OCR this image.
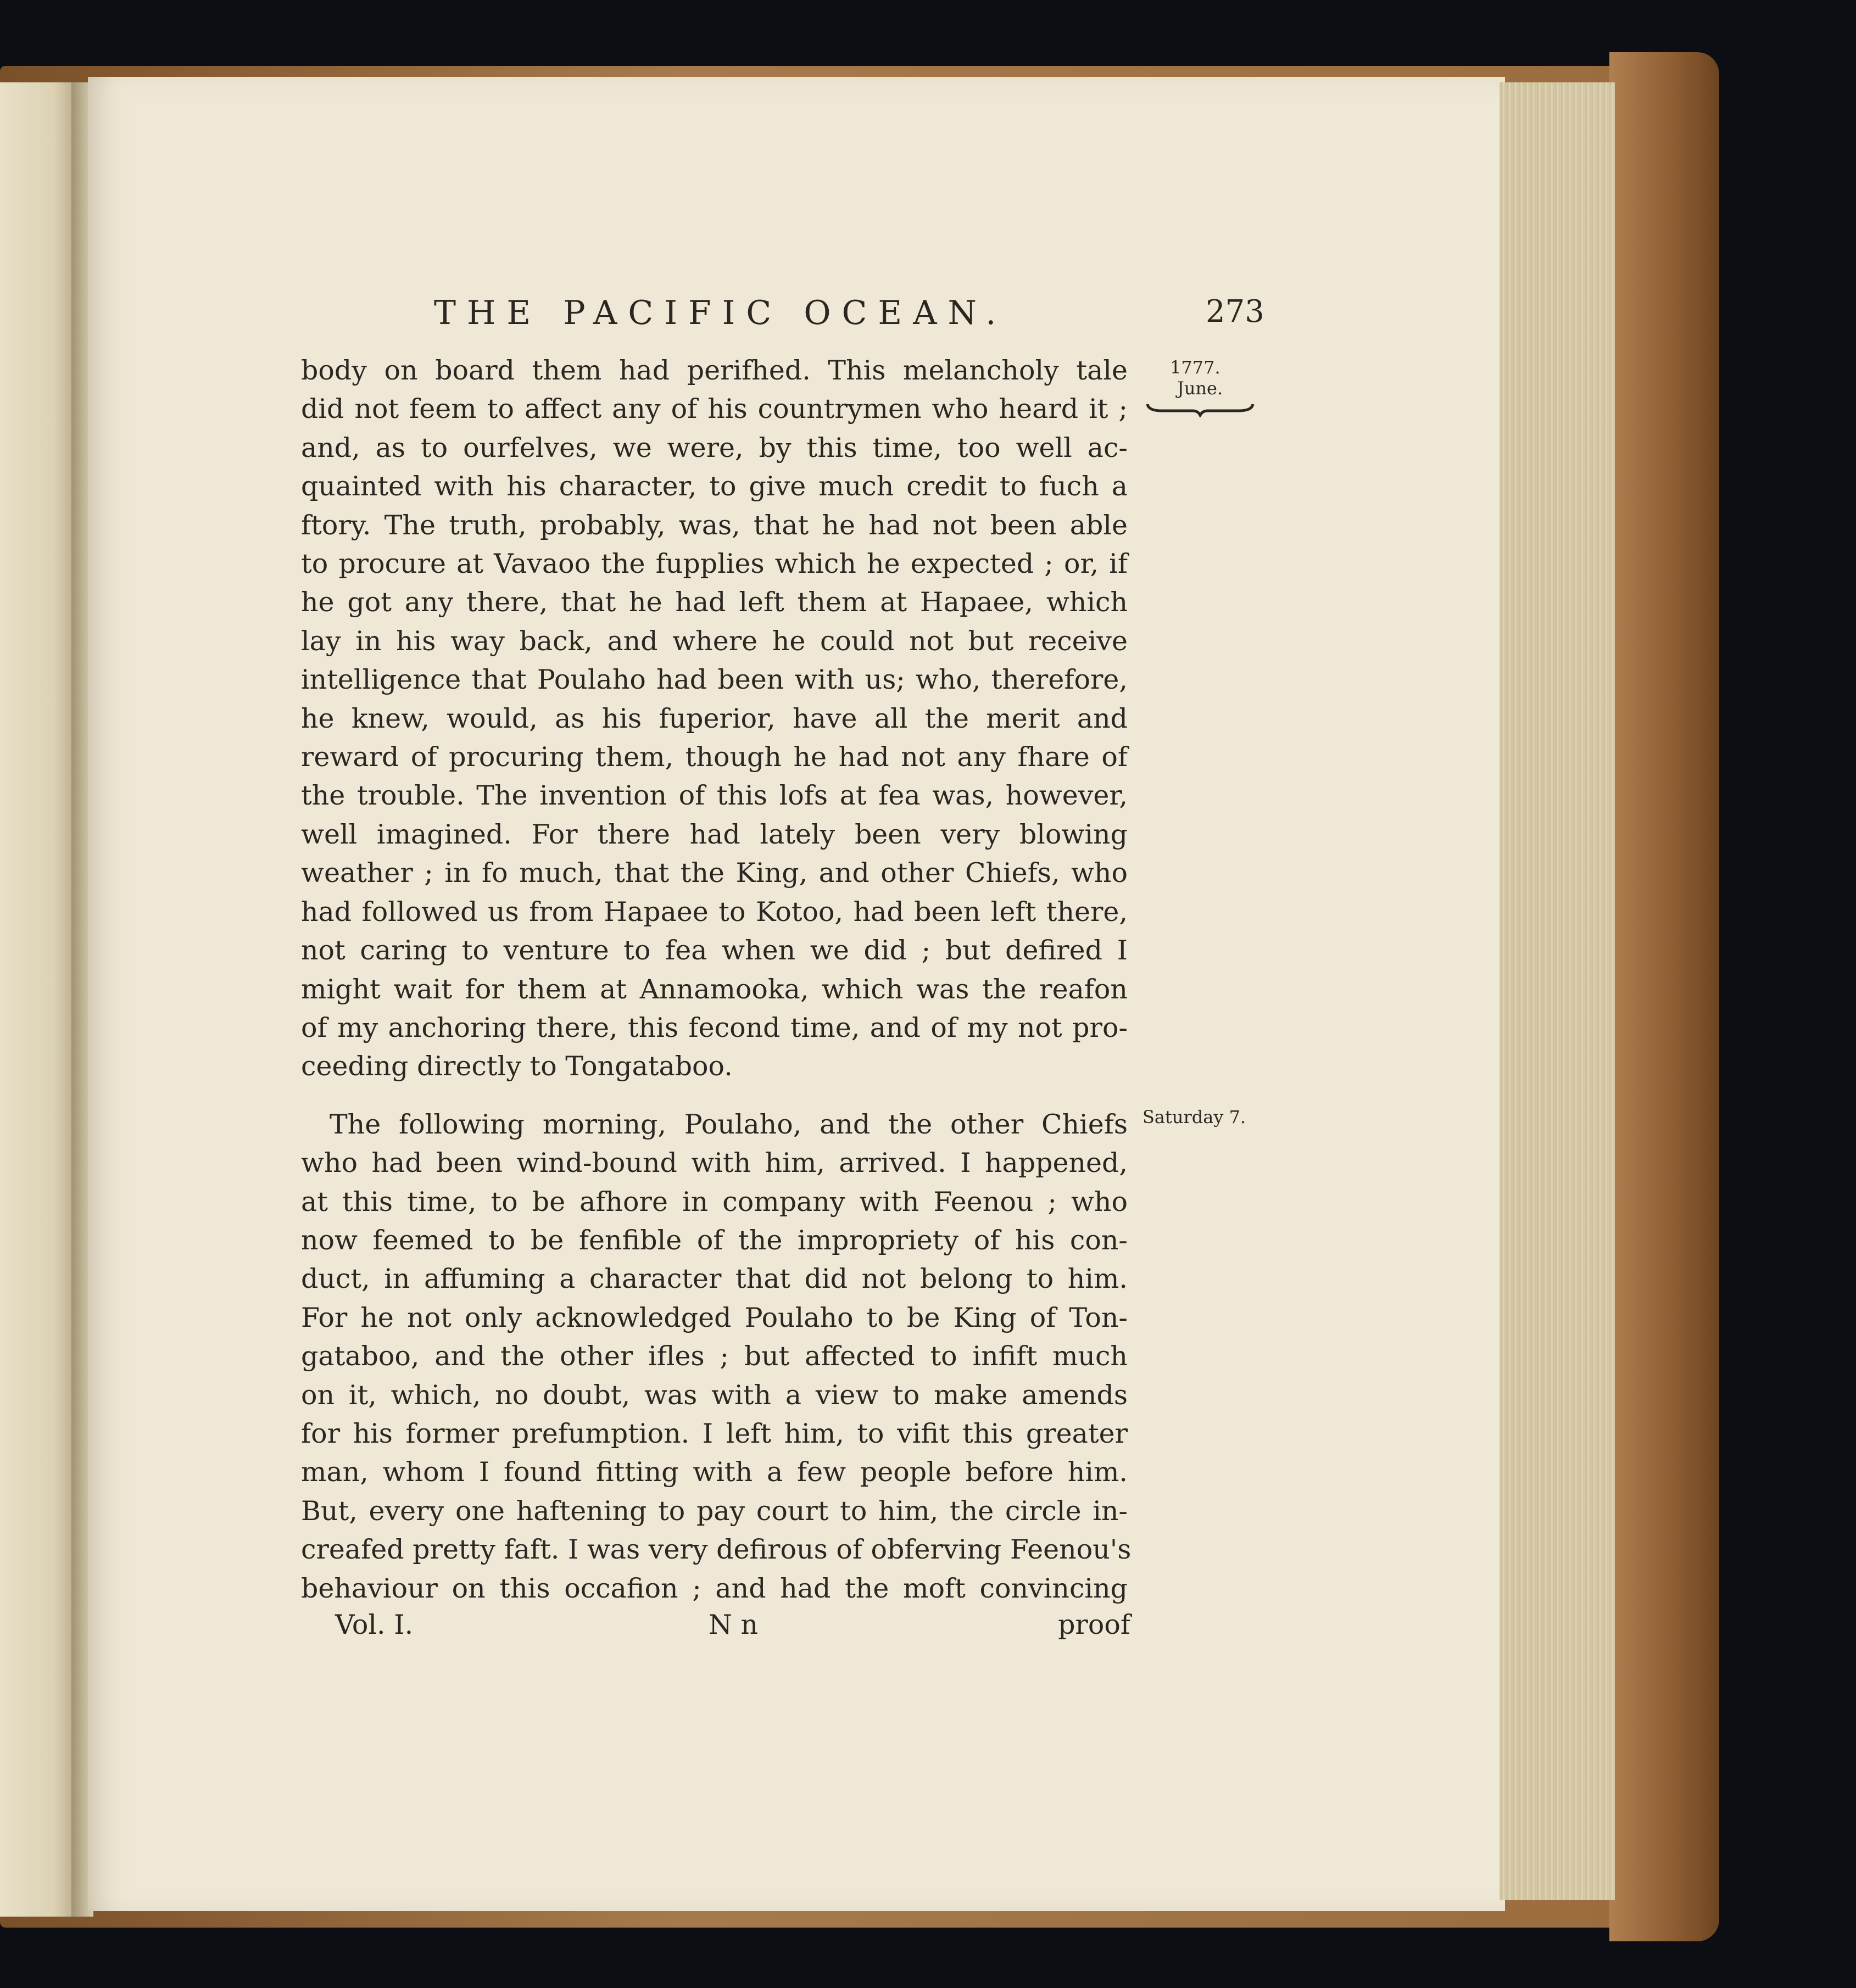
THE PACIFIC OCEAN.	273
1777.
June.
Saturday 7.

body on board them had perifhed. This melancholy tale

did not feem to affect any of his countrymen who heard it ;

and, as to ourfelves, we were, by this time, too well ac-

quainted with his character, to give much credit to fuch a

ftory. The truth, probably, was, that he had not been able

to procure at Vavaoo the fupplies which he expected ; or, if

he got any there, that he had left them at Hapaee, which

lay in his way back, and where he could not but receive

intelligence that Poulaho had been with us; who, therefore,

he knew, would, as his fuperior, have all the merit and

reward of procuring them, though he had not any fhare of

the trouble. The invention of this lofs at fea was, however,

well imagined. For there had lately been very blowing

weather ; in fo much, that the King, and other Chiefs, who

had followed us from Hapaee to Kotoo, had been left there,

not caring to venture to fea when we did ; but defired I

might wait for them at Annamooka, which was the reafon

of my anchoring there, this fecond time, and of my not pro-

ceeding directly to Tongataboo.

The following morning, Poulaho, and the other Chiefs

who had been wind-bound with him, arrived. I happened,

at this time, to be afhore in company with Feenou ; who

now feemed to be fenfible of the impropriety of his con-

duct, in affuming a character that did not belong to him.

For he not only acknowledged Poulaho to be King of Ton-

gataboo, and the other ifles ; but affected to infift much

on it, which, no doubt, was with a view to make amends

for his former prefumption. I left him, to vifit this greater

man, whom I found fitting with a few people before him.

But, every one haftening to pay court to him, the circle in-

creafed pretty faft. I was very defirous of obferving Feenou's

behaviour on this occafion ; and had the moft convincing

Vol. I.	N n	proof
